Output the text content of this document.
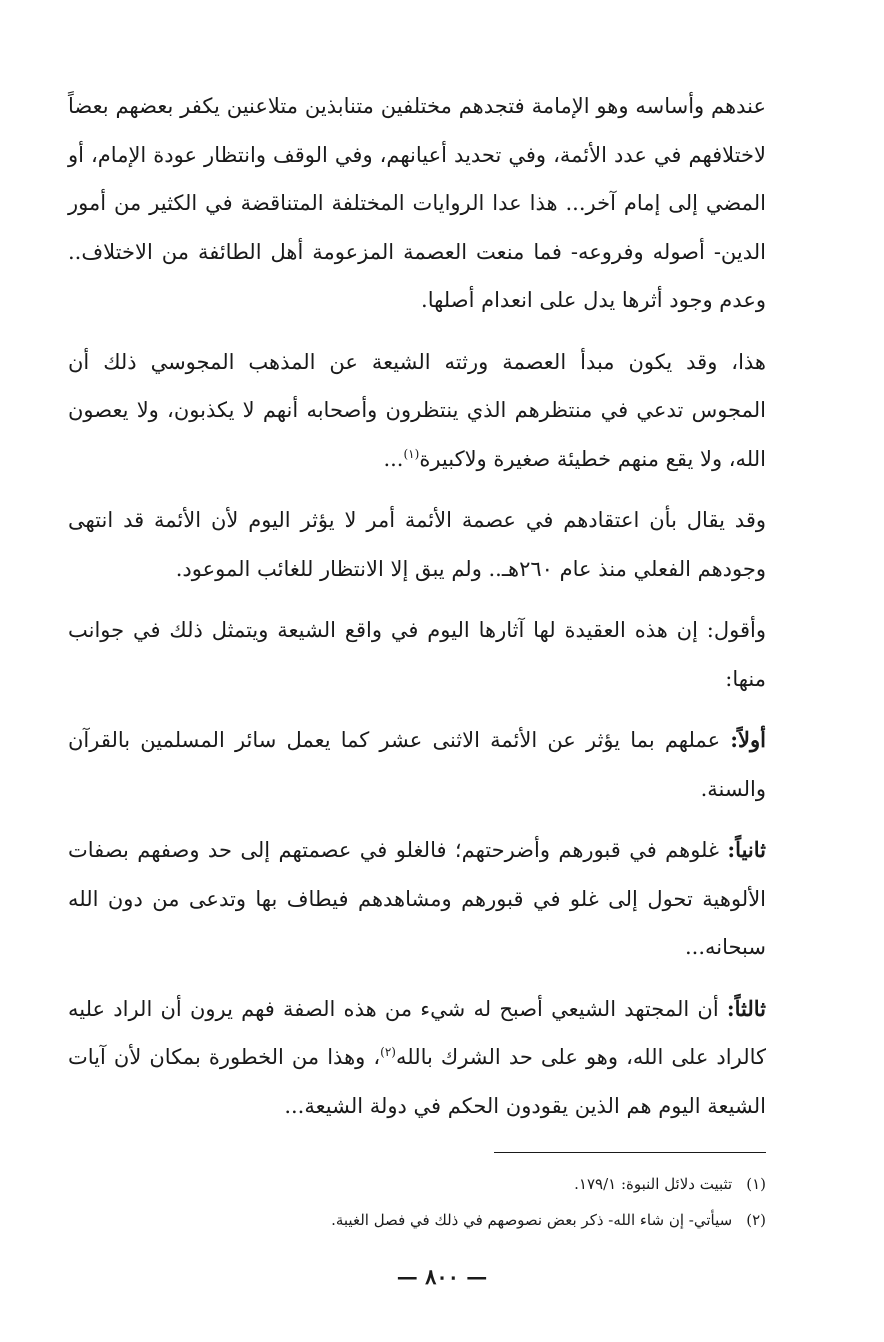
عندهم وأساسه وهو الإمامة فتجدهم مختلفين متنابذين متلاعنين يكفر بعضهم بعضاً لاختلافهم في عدد الأئمة، وفي تحديد أعيانهم، وفي الوقف وانتظار عودة الإمام، أو المضي إلى إمام آخر... هذا عدا الروايات المختلفة المتناقضة في الكثير من أمور الدين- أصوله وفروعه- فما منعت العصمة المزعومة أهل الطائفة من الاختلاف.. وعدم وجود أثرها يدل على انعدام أصلها.

هذا، وقد يكون مبدأ العصمة ورثته الشيعة عن المذهب المجوسي ذلك أن المجوس تدعي في منتظرهم الذي ينتظرون وأصحابه أنهم لا يكذبون، ولا يعصون الله، ولا يقع منهم خطيئة صغيرة ولاكبيرة$^{(١)}$...

وقد يقال بأن اعتقادهم في عصمة الأئمة أمر لا يؤثر اليوم لأن الأئمة قد انتهى وجودهم الفعلي منذ عام ٢٦٠هـ.. ولم يبق إلا الانتظار للغائب الموعود.

وأقول: إن هذه العقيدة لها آثارها اليوم في واقع الشيعة ويتمثل ذلك في جوانب منها:

أولاً: عملهم بما يؤثر عن الأئمة الاثنى عشر كما يعمل سائر المسلمين بالقرآن والسنة.

ثانياً: غلوهم في قبورهم وأضرحتهم؛ فالغلو في عصمتهم إلى حد وصفهم بصفات الألوهية تحول إلى غلو في قبورهم ومشاهدهم فيطاف بها وتدعى من دون الله سبحانه...

ثالثاً: أن المجتهد الشيعي أصبح له شيء من هذه الصفة فهم يرون أن الراد عليه كالراد على الله، وهو على حد الشرك بالله$^{(٢)}$، وهذا من الخطورة بمكان لأن آيات الشيعة اليوم هم الذين يقودون الحكم في دولة الشيعة...

(١)
تثبيت دلائل النبوة: ١٧٩/١.
(٢)
سيأتي- إن شاء الله- ذكر بعض نصوصهم في ذلك في فصل الغيبة.
— ٨٠٠ —
